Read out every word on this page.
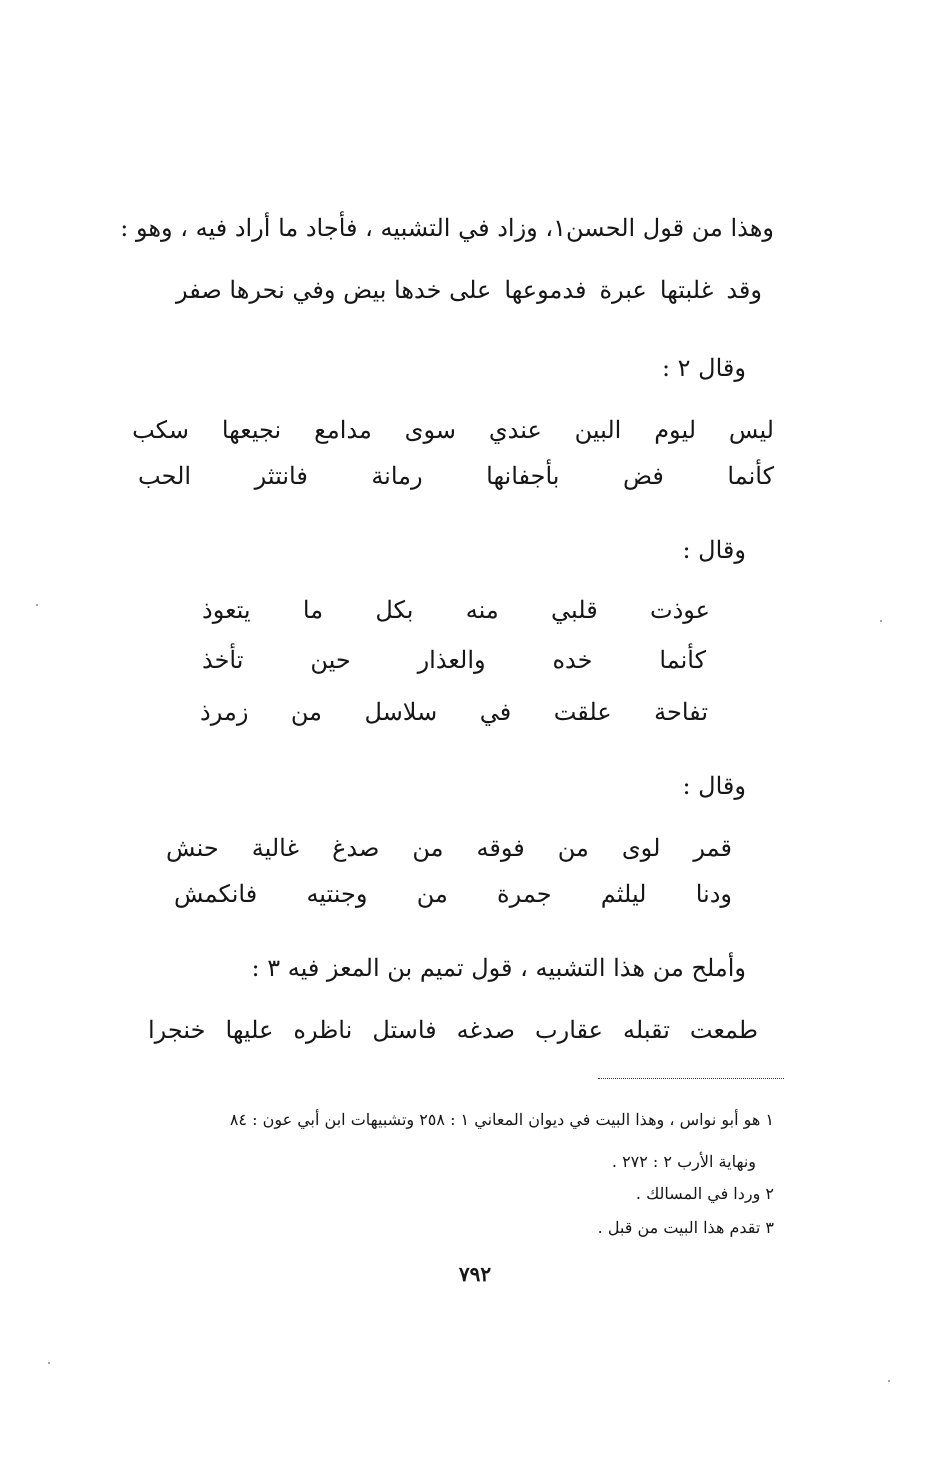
وهذا من قول الحسن١، وزاد في التشبيه ، فأجاد ما أراد فيه ، وهو :
وقد
غلبتها
عبرة
فدموعها
على خدها بيض وفي نحرها صفر
وقال ٢ :
ليس
ليوم
البين
عندي
سوى
مدامع
نجيعها
سكب
كأنما
فض
بأجفانها
رمانة
فانتثر
الحب
وقال :
عوذت
قلبي
منه
بكل
ما
يتعوذ
كأنما
خده
والعذار
حين
تأخذ
تفاحة
علقت
في
سلاسل
من
زمرذ
وقال :
قمر
لوى
من
فوقه
من
صدغ
غالية
حنش
ودنا
ليلثم
جمرة
من
وجنتيه
فانكمش
وأملح من هذا التشبيه ، قول تميم بن المعز فيه ٣ :
طمعت
تقبله
عقارب
صدغه
فاستل
ناظره
عليها
خنجرا
١ هو أبو نواس ، وهذا البيت في ديوان المعاني ١ : ٢٥٨ وتشبيهات ابن أبي عون : ٨٤
ونهاية الأرب ٢ : ٢٧٢ .
٢ وردا في المسالك .
٣ تقدم هذا البيت من قبل .
٧٩٢
